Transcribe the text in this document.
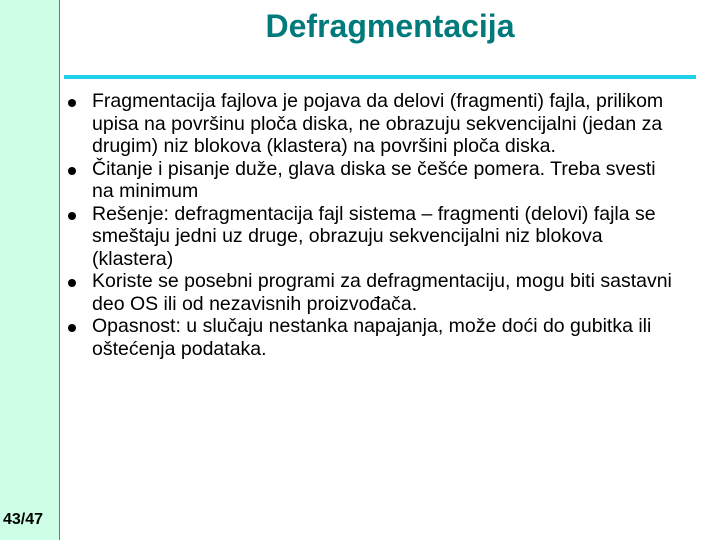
Defragmentacija
Fragmentacija fajlova je pojava da delovi (fragmenti) fajla, prilikom upisa na površinu ploča diska, ne obrazuju sekvencijalni (jedan za drugim) niz blokova (klastera) na površini ploča diska.
Čitanje i pisanje duže, glava diska se češće pomera. Treba svesti na minimum
Rešenje: defragmentacija fajl sistema – fragmenti (delovi) fajla se smeštaju jedni uz druge, obrazuju sekvencijalni niz blokova (klastera)
Koriste se posebni programi za defragmentaciju, mogu biti sastavni deo OS ili od nezavisnih proizvođača.
Opasnost: u slučaju nestanka napajanja, može doći do gubitka ili oštećenja podataka.
43/47
